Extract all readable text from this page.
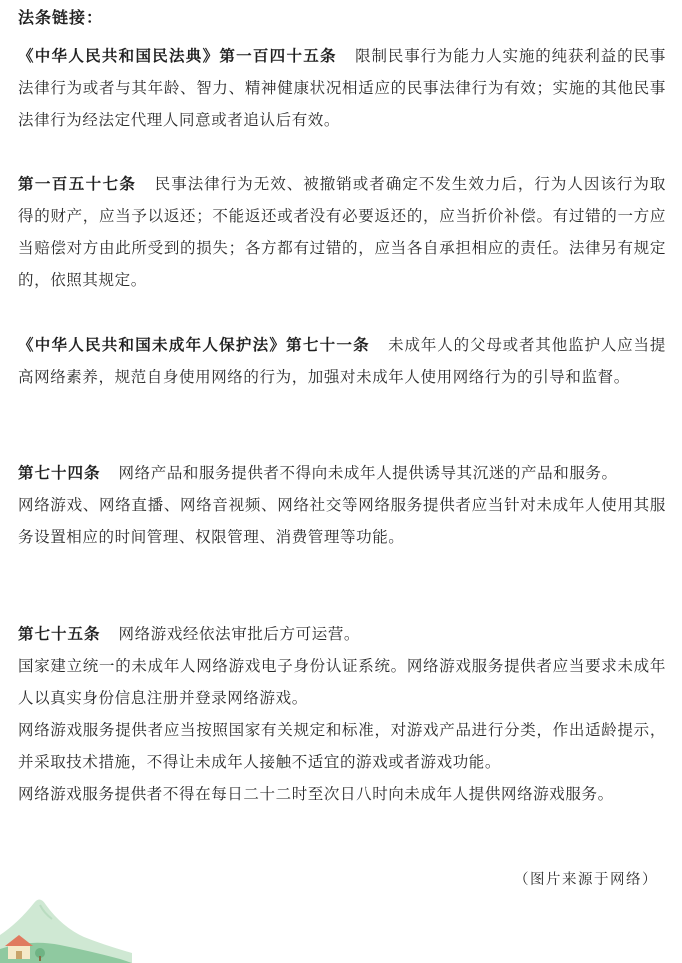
法条链接：
《中华人民共和国民法典》第一百四十五条 限制民事行为能力人实施的纯获利益的民事法律行为或者与其年龄、智力、精神健康状况相适应的民事法律行为有效；实施的其他民事法律行为经法定代理人同意或者追认后有效。
第一百五十七条 民事法律行为无效、被撤销或者确定不发生效力后，行为人因该行为取得的财产，应当予以返还；不能返还或者没有必要返还的，应当折价补偿。有过错的一方应当赔偿对方由此所受到的损失；各方都有过错的，应当各自承担相应的责任。法律另有规定的，依照其规定。
《中华人民共和国未成年人保护法》第七十一条 未成年人的父母或者其他监护人应当提高网络素养，规范自身使用网络的行为，加强对未成年人使用网络行为的引导和监督。
第七十四条 网络产品和服务提供者不得向未成年人提供诱导其沉迷的产品和服务。
网络游戏、网络直播、网络音视频、网络社交等网络服务提供者应当针对未成年人使用其服务设置相应的时间管理、权限管理、消费管理等功能。
第七十五条 网络游戏经依法审批后方可运营。
国家建立统一的未成年人网络游戏电子身份认证系统。网络游戏服务提供者应当要求未成年人以真实身份信息注册并登录网络游戏。
网络游戏服务提供者应当按照国家有关规定和标准，对游戏产品进行分类，作出适龄提示，并采取技术措施，不得让未成年人接触不适宜的游戏或者游戏功能。
网络游戏服务提供者不得在每日二十二时至次日八时向未成年人提供网络游戏服务。
（图片来源于网络）
